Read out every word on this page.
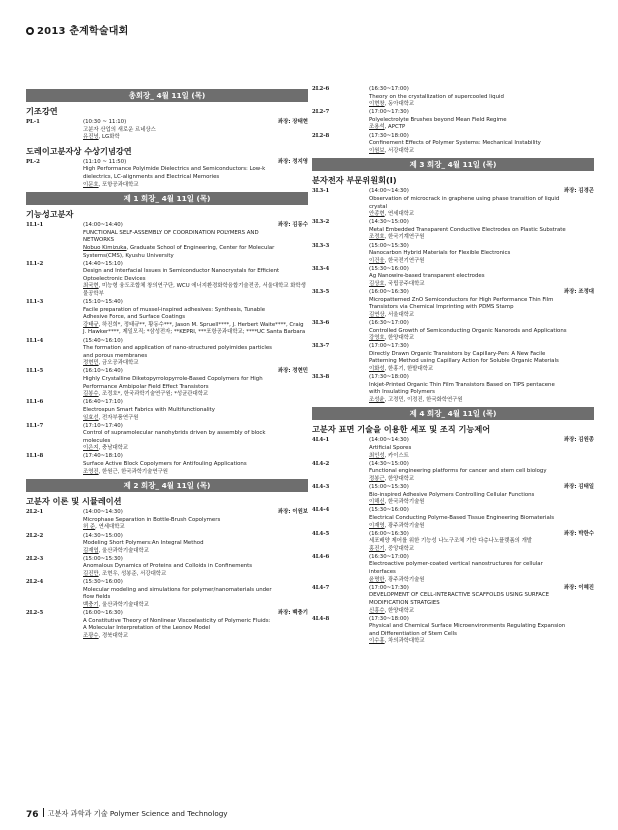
2013 춘계학술대회
총회장_ 4월 11일 (목)
기조강연
PL-1	(10:30 ~ 11:10)	좌장: 장태현
고분자 산업의 새로운 르네상스
유진녕, LG화학
도레이고분자상 수상기념강연
PL-2	(11:10 ~ 11:50)	좌장: 정지영
High Performance Polyimide Dielectrics and Semiconductors: Low-k
dielectrics, LC-alignments and Electrical Memories
이문호, 포항공과대학교
제 1 회장_ 4월 11일 (목)
기능성고분자
1L1-1	(14:00~14:40)	좌장: 김동수
FUNCTIONAL SELF-ASSEMBLY OF COORDINATION POLYMERS AND
NETWORKS
Nobuo Kimizuka, Graduate School of Engineering, Center for Molecular Systems(CMS), Kyushu University
1L1-2	(14:40~15:10)
Design and Interfacial Issues in Semiconductor Nanocrystals for Efficient
Optoelectronic Devices
최국현, 미능형 융도조합체 창의연구단, WCU 에너지환경화학융합기술전공, 서울대학교 화학생물공학부
1L1-3	(15:10~15:40)
Facile preparation of mussel-inspired adhesives: Synthesis, Tunable
Adhesive Force, and Surface Coatings
강태규, 하진희*, 정태규**, 황동수***, Jason M. Spruell****, J. Herbert Waite****, Craig J. Hawker****, 제일모직; *삼성전자; **KEPRI, ***포항공과대학교; ****UC Santa Barbara
1L1-4	(15:40~16:10)
The formation and application of nano-structured polyimides particles
and porous membranes
정현민, 금오공과대학교
1L1-5	(16:10~16:40)	좌장: 정현민
Highly Crystalline Diketopyrrolopyrrole-Based Copolymers for High
Performance Ambipolar Field Effect Transistors
김봉수, 조정호*, 한국과학기술연구원; *성균관대학교
1L1-6	(16:40~17:10)
Electrospun Smart Fabrics with Multifunctionality
임효선, 전자부품연구원
1L1-7	(17:10~17:40)
Control of supramolecular nanohybrids driven by assembly of block
molecules
이은지, 충남대학교
1L1-8	(17:40~18:10)
Surface Active Block Copolymers for Antifouling Applications
조영진, 한원근, 한국과학기술연구원
제 2 회장_ 4월 11일 (목)
고분자 이론 및 시뮬레이션
2L2-1	(14:00~14:30)	좌장: 이원보
Microphase Separation in Bottle-Brush Copolymers
허 준, 연세대학교
2L2-2	(14:30~15:00)
Modeling Short Polymers:An Integral Method
김재엽, 울산과학기술대학교
2L2-3	(15:00~15:30)
Anomalous Dynamics of Proteins and Colloids in Confinements
김진만, 조현우, 성봉준, 서강대학교
2L2-4	(15:30~16:00)
Molecular modeling and simulations for polymer/nanomaterials under
flow fields
백충기, 울산과학기술대학교
2L2-5	(16:00~16:30)	좌장: 백충기
A Constitutive Theory of Nonlinear Viscoelasticity of Polymeric Fluids:
A Molecular Interpretation of the Leonov Model
조광수, 경북대학교
2L2-6	(16:30~17:00)
Theory on the crystallization of supercooled liquid
이현창, 동아대학교
2L2-7	(17:00~17:30)
Polyelectrolyte Brushes beyond Mean Field Regime
조용석, APCTP
2L2-8	(17:30~18:00)
Confinement Effects of Polymer Systems: Mechanical Instability
이원보, 서강대학교
제 3 회장_ 4월 11일 (목)
분자전자 부문위원회(I)
3L3-1	(14:00~14:30)	좌장: 김경곤
Observation of microcrack in graphene using phase transition of liquid
crystal
안종현, 연세대학교
3L3-2	(14:30~15:00)
Metal Embedded Transparent Conductive Electrodes on Plastic Substrate
조정호, 한국기계연구원
3L3-3	(15:00~15:30)
Nanocarbon Hybrid Materials for Flexible Electronics
이건웅, 한국전기연구원
3L3-4	(15:30~16:00)
Ag Nanowire-based transparent electrodes
김상호, 국립공주대학교
3L3-5	(16:00~16:30)	좌장: 조정대
Micropatterned ZnO Semiconductors for High Performance Thin Film
Transistors via Chemical Imprinting with PDMS Stamp
김연상, 서울대학교
3L3-6	(16:30~17:00)
Controlled Growth of Semiconducting Organic Nanorods and Applications
강영호, 한양대학교
3L3-7	(17:00~17:30)
Directly Drawn Organic Transistors by Capillary-Pen: A New Facile
Patterning Method using Capillary Action for Soluble Organic Materials
이화성, 한홍기, 한밭대학교
3L3-8	(17:30~18:00)
Inkjet-Printed Organic Thin Film Transistors Based on TIPS pentacene
with Insulating Polymers
조성윤, 고정민, 이정진, 한국화학연구원
제 4 회장_ 4월 11일 (목)
고분자 표면 기술을 이용한 세포 및 조직 기능제어
4L4-1	(14:00~14:30)	좌장: 김원종
Artificial Spores
최인성, 카이스트
4L4-2	(14:30~15:00)
Functional engineering platforms for cancer and stem cell biology
정봉근, 한양대학교
4L4-3	(15:00~15:30)	좌장: 김태일
Bio-inspired Adhesive Polymers Controlling Cellular Functions
이해신, 한국과학기술원
4L4-4	(15:30~16:00)
Electrical Conducting Polyme-Based Tissue Engineering Biomaterials
이재영, 광주과학기술원
4L4-5	(16:00~16:30)	좌장: 박한수
세포배양 제어를 위한 기능성 나노구조체 기반 다층나노플랫폼의 개발
홍진기, 중앙대학교
4L4-6	(16:30~17:00)
Electroactive polymer-coated vertical nanostructures for cellular
interfaces
윤명한, 광주과학기술원
4L4-7	(17:00~17:30)	좌장: 이혜진
DEVELOPMENT OF CELL-INTERACTIVE SCAFFOLDS USING SURFACE
MODIFICATION STRATGIES
신흥수, 한양대학교
4L4-8	(17:30~18:00)
Physical and Chemical Surface Microenvironments Regulating Expansion
and Differentiation of Stem Cells
이수홍, 차의과학대학교
76 고분자 과학과 기술 Polymer Science and Technology
